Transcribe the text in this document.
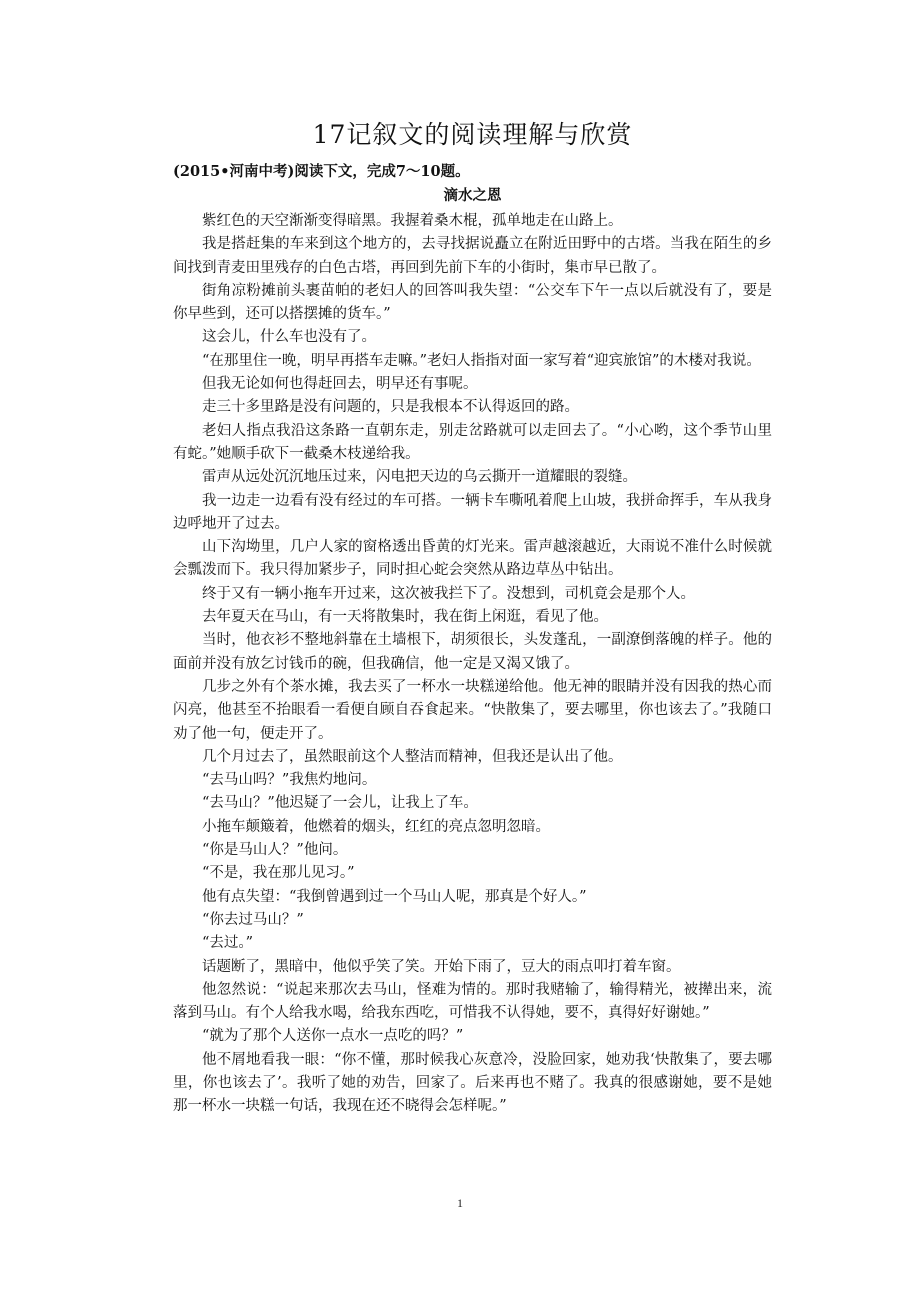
17记叙文的阅读理解与欣赏

(2015•河南中考)阅读下文，完成7～10题。

滴水之恩

紫红色的天空渐渐变得暗黑。我握着桑木棍，孤单地走在山路上。

我是搭赶集的车来到这个地方的，去寻找据说矗立在附近田野中的古塔。当我在陌生的乡间找到青麦田里残存的白色古塔，再回到先前下车的小街时，集市早已散了。

街角凉粉摊前头裹苗帕的老妇人的回答叫我失望：“公交车下午一点以后就没有了，要是你早些到，还可以搭摆摊的货车。”

这会儿，什么车也没有了。

“在那里住一晚，明早再搭车走嘛。”老妇人指指对面一家写着“迎宾旅馆”的木楼对我说。

但我无论如何也得赶回去，明早还有事呢。

走三十多里路是没有问题的，只是我根本不认得返回的路。

老妇人指点我沿这条路一直朝东走，别走岔路就可以走回去了。“小心哟，这个季节山里有蛇。”她顺手砍下一截桑木枝递给我。

雷声从远处沉沉地压过来，闪电把天边的乌云撕开一道耀眼的裂缝。

我一边走一边看有没有经过的车可搭。一辆卡车嘶吼着爬上山坡，我拼命挥手，车从我身边呼地开了过去。

山下沟坳里，几户人家的窗格透出昏黄的灯光来。雷声越滚越近，大雨说不准什么时候就会瓢泼而下。我只得加紧步子，同时担心蛇会突然从路边草丛中钻出。

终于又有一辆小拖车开过来，这次被我拦下了。没想到，司机竟会是那个人。

去年夏天在马山，有一天将散集时，我在街上闲逛，看见了他。

当时，他衣衫不整地斜靠在土墙根下，胡须很长，头发蓬乱，一副潦倒落魄的样子。他的面前并没有放乞讨钱币的碗，但我确信，他一定是又渴又饿了。

几步之外有个茶水摊，我去买了一杯水一块糕递给他。他无神的眼睛并没有因我的热心而闪亮，他甚至不抬眼看一看便自顾自吞食起来。“快散集了，要去哪里，你也该去了。”我随口劝了他一句，便走开了。

几个月过去了，虽然眼前这个人整洁而精神，但我还是认出了他。

“去马山吗？”我焦灼地问。

“去马山？”他迟疑了一会儿，让我上了车。

小拖车颠簸着，他燃着的烟头，红红的亮点忽明忽暗。

“你是马山人？”他问。

“不是，我在那儿见习。”

他有点失望：“我倒曾遇到过一个马山人呢，那真是个好人。”

“你去过马山？”

“去过。”

话题断了，黑暗中，他似乎笑了笑。开始下雨了，豆大的雨点叩打着车窗。

他忽然说：“说起来那次去马山，怪难为情的。那时我赌输了，输得精光，被撵出来，流落到马山。有个人给我水喝，给我东西吃，可惜我不认得她，要不，真得好好谢她。”

“就为了那个人送你一点水一点吃的吗？”

他不屑地看我一眼：“你不懂，那时候我心灰意冷，没脸回家，她劝我‘快散集了，要去哪里，你也该去了’。我听了她的劝告，回家了。后来再也不赌了。我真的很感谢她，要不是她那一杯水一块糕一句话，我现在还不晓得会怎样呢。”

1
